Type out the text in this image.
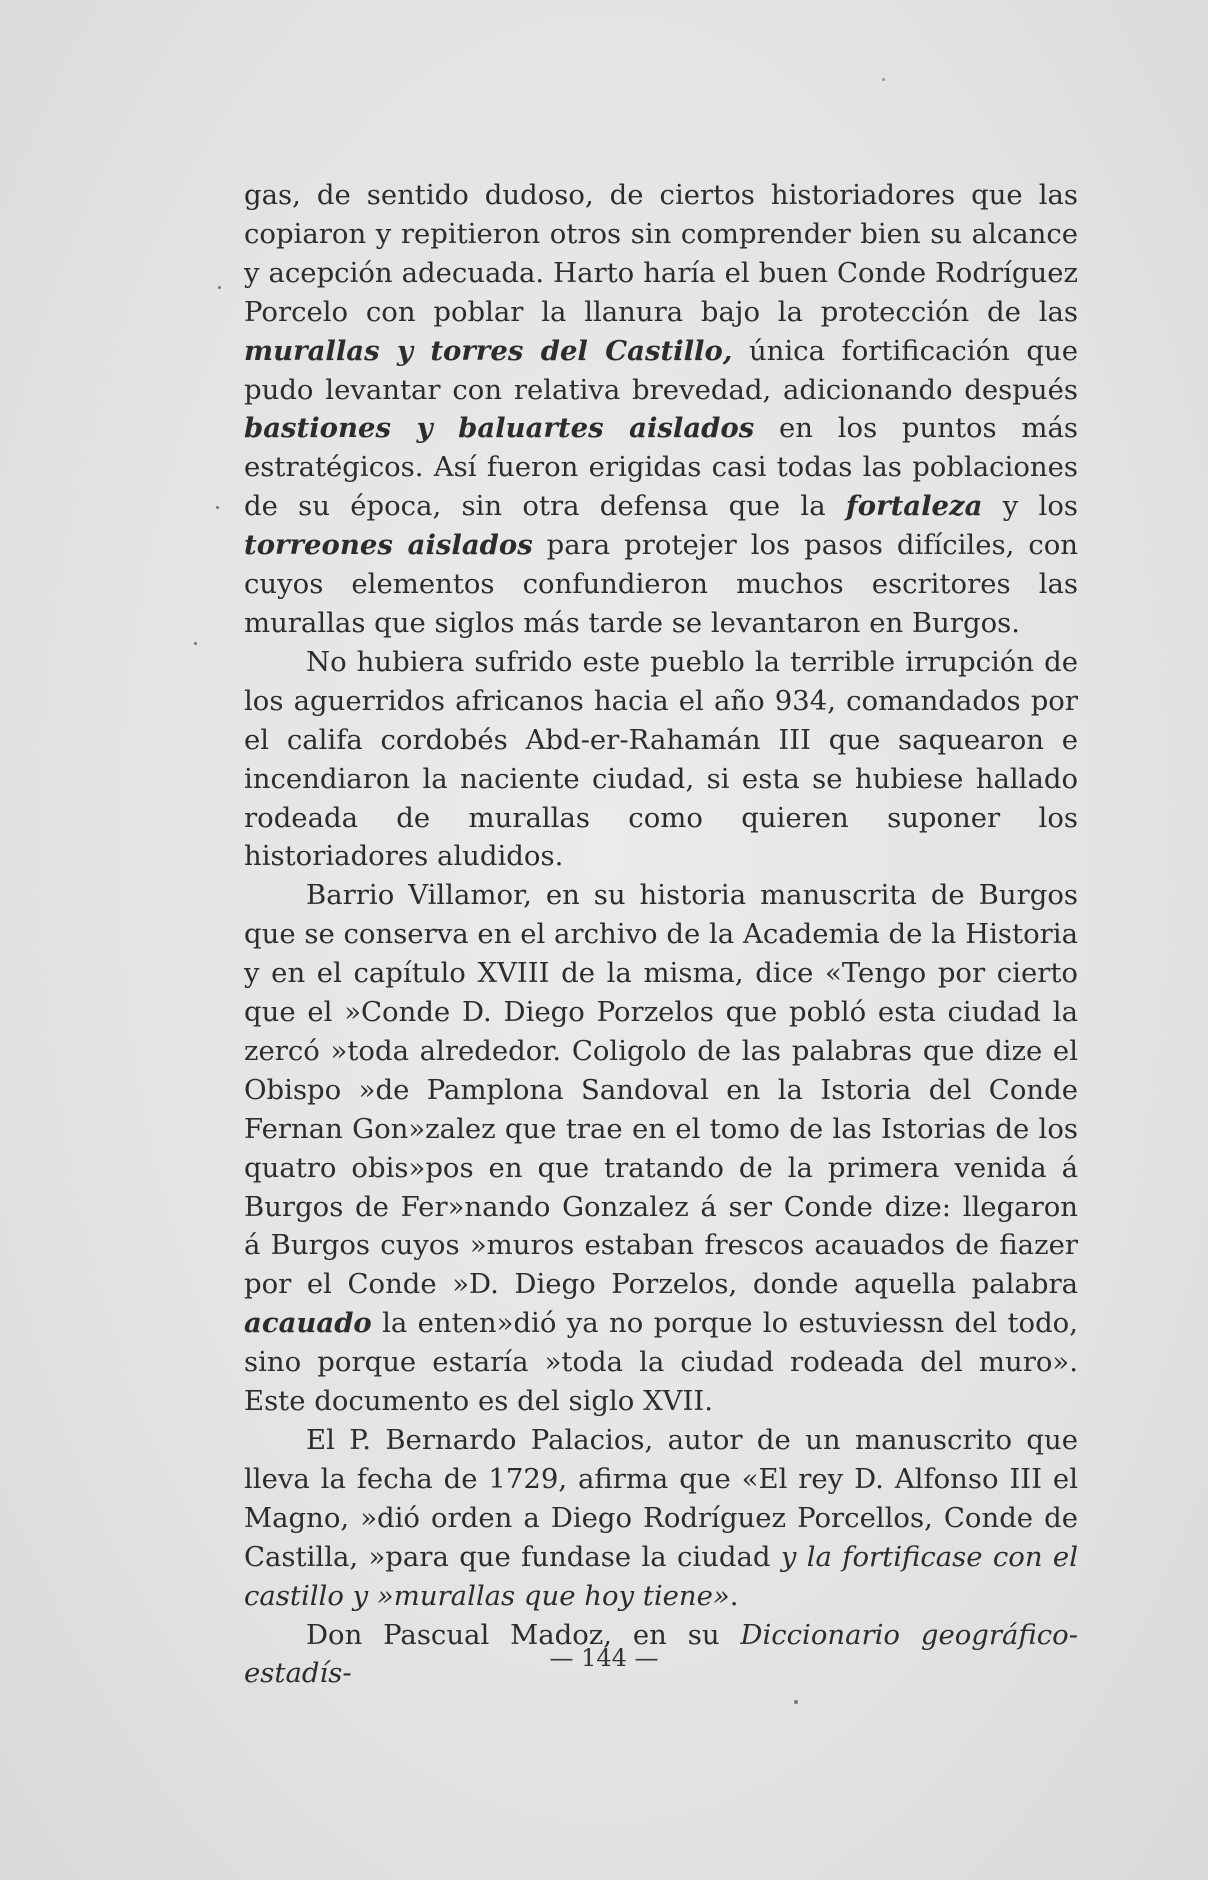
gas, de sentido dudoso, de ciertos historiadores que las copiaron y repitieron otros sin comprender bien su alcance y acepción adecuada. Harto haría el buen Conde Rodríguez Porcelo con poblar la llanura bajo la protección de las murallas y torres del Castillo, única fortificación que pudo levantar con relativa brevedad, adicionando después bastiones y baluartes aislados en los puntos más estratégicos. Así fueron erigidas casi todas las poblaciones de su época, sin otra defensa que la fortaleza y los torreones aislados para protejer los pasos difíciles, con cuyos elementos confundieron muchos escritores las murallas que siglos más tarde se levantaron en Burgos.

No hubiera sufrido este pueblo la terrible irrupción de los aguerridos africanos hacia el año 934, comandados por el califa cordobés Abd-er-Rahamán III que saquearon e incendiaron la naciente ciudad, si esta se hubiese hallado rodeada de murallas como quieren suponer los historiadores aludidos.

Barrio Villamor, en su historia manuscrita de Burgos que se conserva en el archivo de la Academia de la Historia y en el capítulo XVIII de la misma, dice «Tengo por cierto que el »Conde D. Diego Porzelos que pobló esta ciudad la zercó »toda alrededor. Coligolo de las palabras que dize el Obispo »de Pamplona Sandoval en la Istoria del Conde Fernan Gon»zalez que trae en el tomo de las Istorias de los quatro obis»pos en que tratando de la primera venida á Burgos de Fer»nando Gonzalez á ser Conde dize: llegaron á Burgos cuyos »muros estaban frescos acauados de fiazer por el Conde »D. Diego Porzelos, donde aquella palabra acauado la enten»dió ya no porque lo estuviessn del todo, sino porque estaría »toda la ciudad rodeada del muro». Este documento es del siglo XVII.

El P. Bernardo Palacios, autor de un manuscrito que lleva la fecha de 1729, afirma que «El rey D. Alfonso III el Magno, »dió orden a Diego Rodríguez Porcellos, Conde de Castilla, »para que fundase la ciudad y la fortificase con el castillo y »murallas que hoy tiene».

Don Pascual Madoz, en su Diccionario geográfico-estadís-	— 144 —
